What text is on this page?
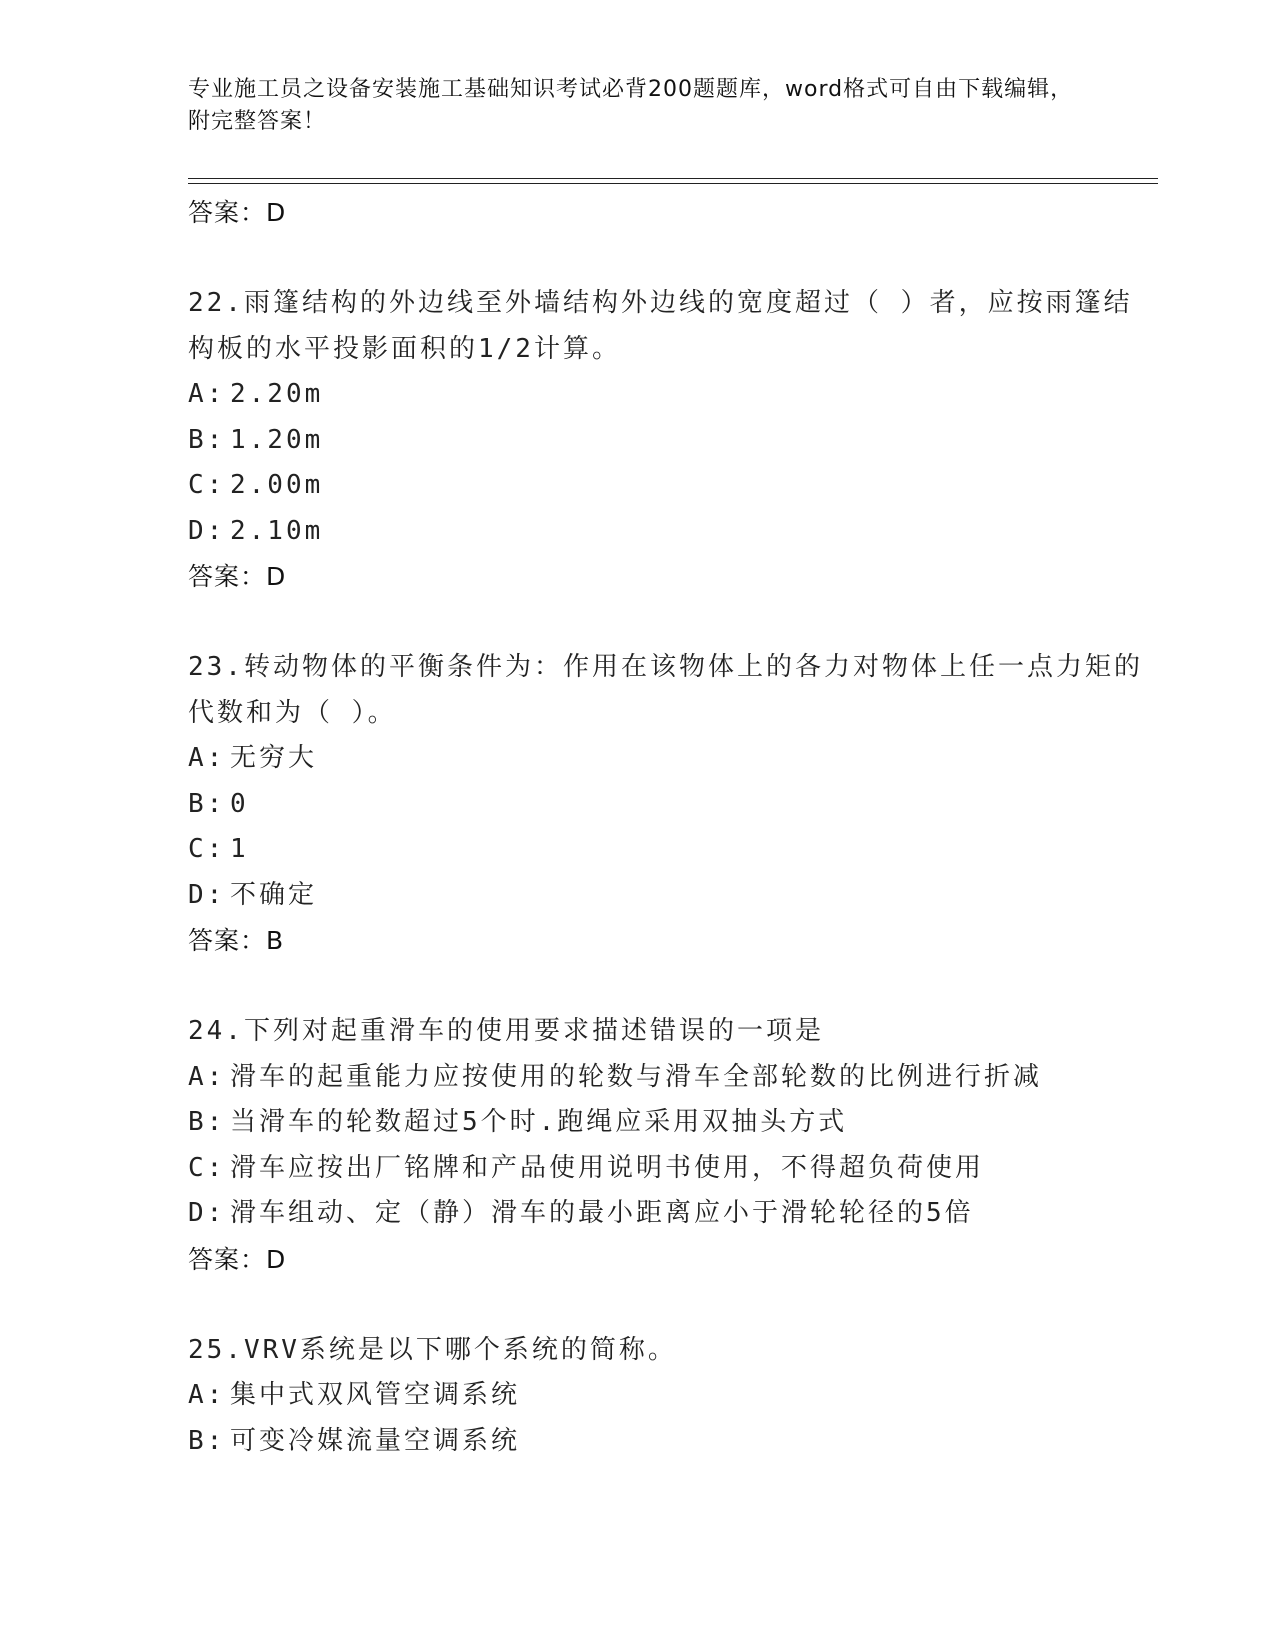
专业施工员之设备安装施工基础知识考试必背200题题库，word格式可自由下载编辑，附完整答案！
答案：D
22.雨篷结构的外边线至外墙结构外边线的宽度超过（ ）者，应按雨篷结构板的水平投影面积的1/2计算。
A: 2.20m
B: 1.20m
C: 2.00m
D: 2.10m
答案：D
23.转动物体的平衡条件为：作用在该物体上的各力对物体上任一点力矩的代数和为（ ）。
A: 无穷大
B: 0
C: 1
D: 不确定
答案：B
24.下列对起重滑车的使用要求描述错误的一项是
A: 滑车的起重能力应按使用的轮数与滑车全部轮数的比例进行折减
B: 当滑车的轮数超过5个时.跑绳应采用双抽头方式
C: 滑车应按出厂铭牌和产品使用说明书使用，不得超负荷使用
D: 滑车组动、定（静）滑车的最小距离应小于滑轮轮径的5倍
答案：D
25.VRV系统是以下哪个系统的简称。
A: 集中式双风管空调系统
B: 可变冷媒流量空调系统
